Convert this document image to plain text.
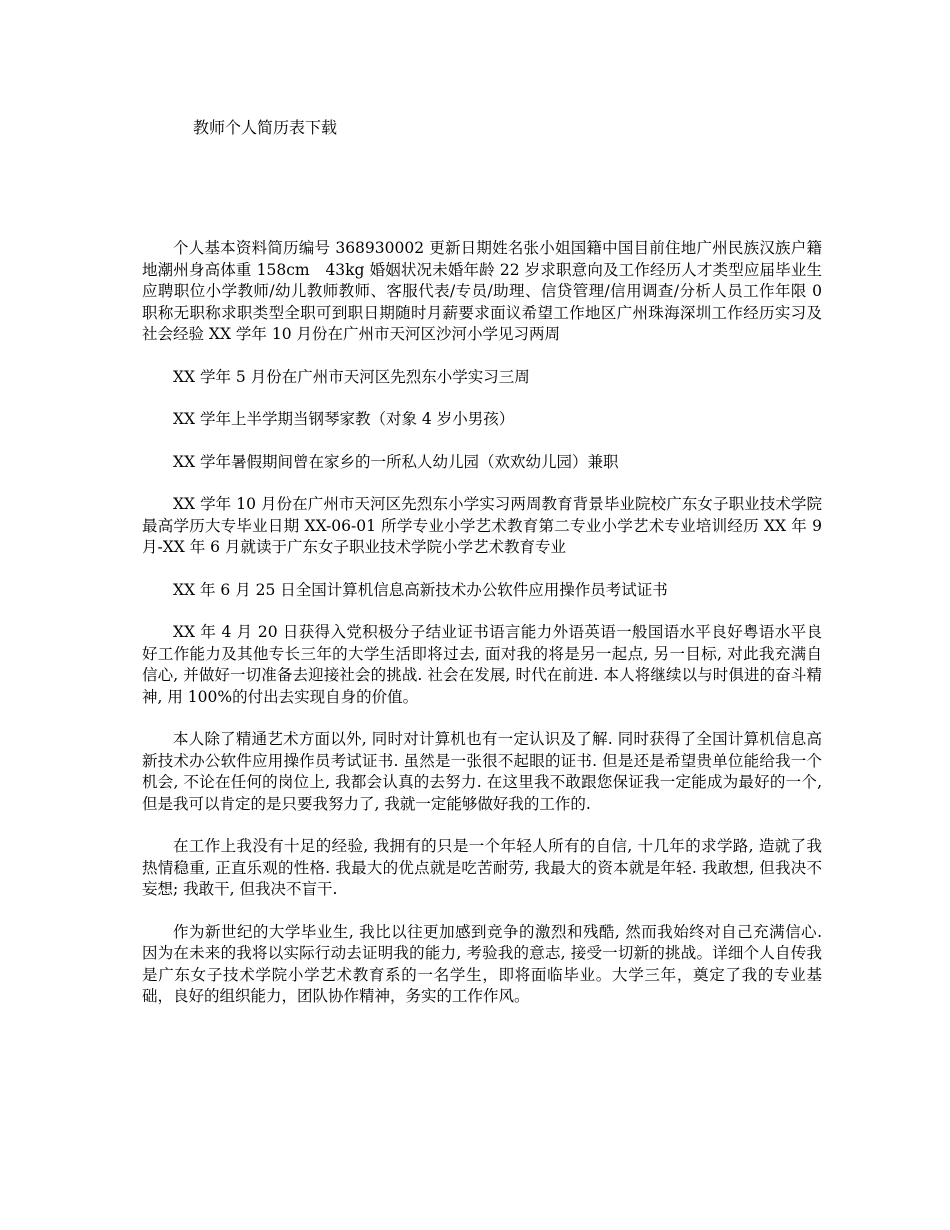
教师个人简历表下载

个人基本资料简历编号 368930002 更新日期姓名张小姐国籍中国目前住地广州民族汉族户籍地潮州身高体重 158cm　43kg 婚姻状况未婚年龄 22 岁求职意向及工作经历人才类型应届毕业生　应聘职位小学教师/幼儿教师教师、客服代表/专员/助理、信贷管理/信用调查/分析人员工作年限 0 职称无职称求职类型全职可到职日期随时月薪要求面议希望工作地区广州珠海深圳工作经历实习及社会经验 XX 学年 10 月份在广州市天河区沙河小学见习两周

XX 学年 5 月份在广州市天河区先烈东小学实习三周

XX 学年上半学期当钢琴家教（对象 4 岁小男孩）

XX 学年暑假期间曾在家乡的一所私人幼儿园（欢欢幼儿园）兼职

XX 学年 10 月份在广州市天河区先烈东小学实习两周教育背景毕业院校广东女子职业技术学院最高学历大专毕业日期 XX-06-01 所学专业小学艺术教育第二专业小学艺术专业培训经历 XX 年 9 月-XX 年 6 月就读于广东女子职业技术学院小学艺术教育专业

XX 年 6 月 25 日全国计算机信息高新技术办公软件应用操作员考试证书

XX 年 4 月 20 日获得入党积极分子结业证书语言能力外语英语一般国语水平良好粤语水平良好工作能力及其他专长三年的大学生活即将过去, 面对我的将是另一起点, 另一目标, 对此我充满自信心, 并做好一切准备去迎接社会的挑战. 社会在发展, 时代在前进. 本人将继续以与时俱进的奋斗精神, 用 100%的付出去实现自身的价值。

本人除了精通艺术方面以外, 同时对计算机也有一定认识及了解. 同时获得了全国计算机信息高新技术办公软件应用操作员考试证书. 虽然是一张很不起眼的证书. 但是还是希望贵单位能给我一个机会, 不论在任何的岗位上, 我都会认真的去努力. 在这里我不敢跟您保证我一定能成为最好的一个, 但是我可以肯定的是只要我努力了, 我就一定能够做好我的工作的.

在工作上我没有十足的经验, 我拥有的只是一个年轻人所有的自信, 十几年的求学路, 造就了我热情稳重, 正直乐观的性格. 我最大的优点就是吃苦耐劳, 我最大的资本就是年轻. 我敢想, 但我决不妄想; 我敢干, 但我决不盲干.

作为新世纪的大学毕业生, 我比以往更加感到竞争的激烈和残酷, 然而我始终对自己充满信心. 因为在未来的我将以实际行动去证明我的能力, 考验我的意志, 接受一切新的挑战。详细个人自传我是广东女子技术学院小学艺术教育系的一名学生，即将面临毕业。大学三年，奠定了我的专业基础，良好的组织能力，团队协作精神，务实的工作作风。
